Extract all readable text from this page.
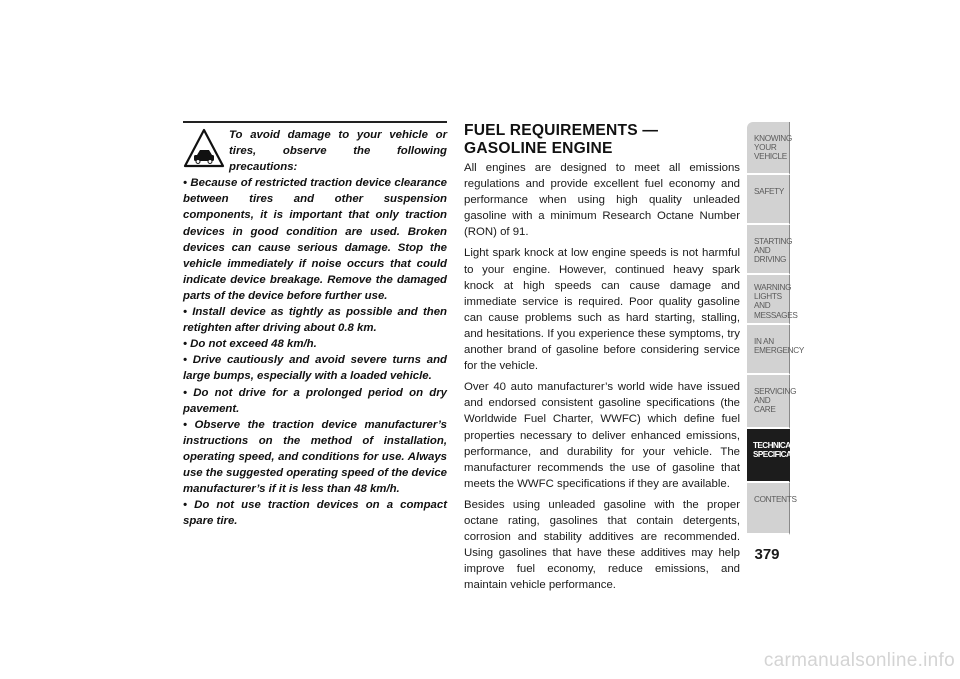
To avoid damage to your vehicle or tires, observe the following precautions:

• Because of restricted traction device clearance between tires and other suspension components, it is important that only traction devices in good condition are used. Broken devices can cause serious damage. Stop the vehicle immediately if noise occurs that could indicate device breakage. Remove the damaged parts of the device before further use.

• Install device as tightly as possible and then retighten after driving about 0.8 km.

• Do not exceed 48 km/h.

• Drive cautiously and avoid severe turns and large bumps, especially with a loaded vehicle.

• Do not drive for a prolonged period on dry pavement.

• Observe the traction device manufacturer’s instructions on the method of installation, operating speed, and conditions for use. Always use the suggested operating speed of the device manufacturer’s if it is less than 48 km/h.

• Do not use traction devices on a compact spare tire.

FUEL REQUIREMENTS — GASOLINE ENGINE

All engines are designed to meet all emissions regulations and provide excellent fuel economy and performance when using high quality unleaded gasoline with a minimum Research Octane Number (RON) of 91.

Light spark knock at low engine speeds is not harmful to your engine. However, continued heavy spark knock at high speeds can cause damage and immediate service is required. Poor quality gasoline can cause problems such as hard starting, stalling, and hesitations. If you experience these symptoms, try another brand of gasoline before considering service for the vehicle.

Over 40 auto manufacturer’s world wide have issued and endorsed consistent gasoline specifications (the Worldwide Fuel Charter, WWFC) which define fuel properties necessary to deliver enhanced emissions, performance, and durability for your vehicle. The manufacturer recommends the use of gasoline that meets the WWFC specifications if they are available.

Besides using unleaded gasoline with the proper octane rating, gasolines that contain detergents, corrosion and stability additives are recommended. Using gasolines that have these additives may help improve fuel economy, reduce emissions, and maintain vehicle performance.

KNOWING
YOUR
VEHICLE
SAFETY
STARTING
AND
DRIVING
WARNING
LIGHTS
AND
MESSAGES
IN AN
EMERGENCY
SERVICING
AND CARE
TECHNICAL
SPECIFICATIONS
CONTENTS
379
carmanualsonline.info
